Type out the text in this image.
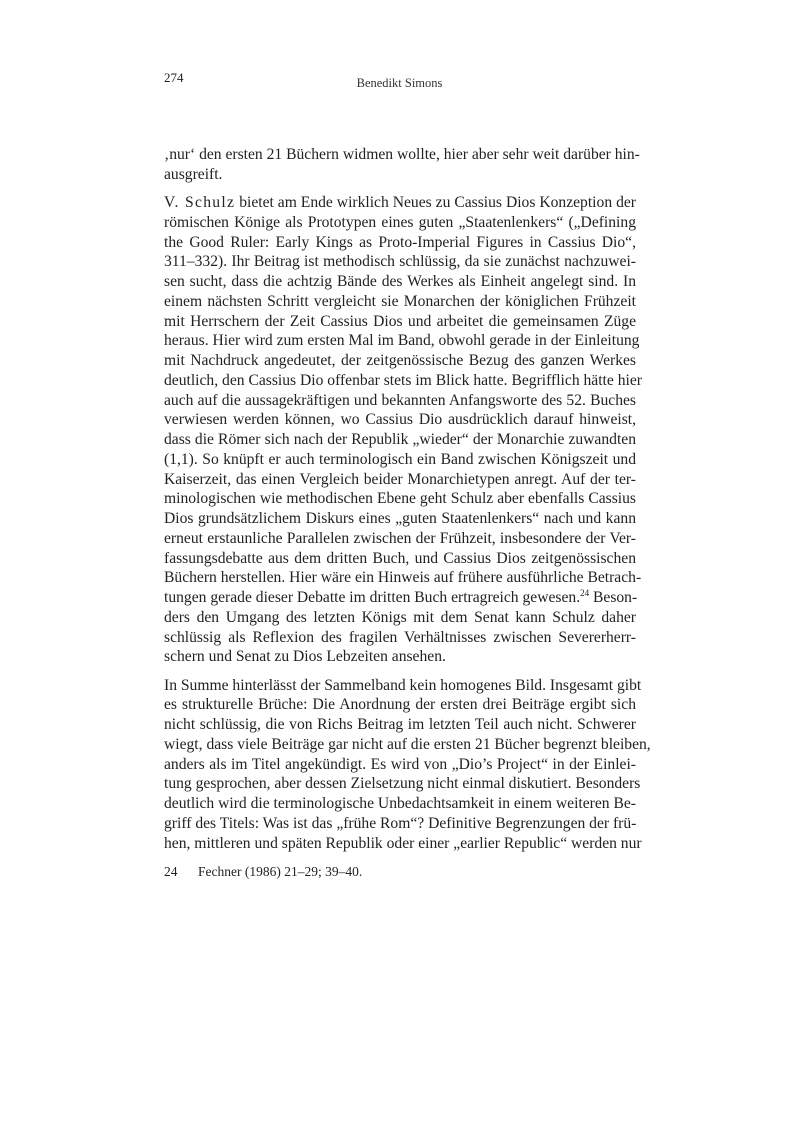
274	Benedikt Simons
‚nur‘ den ersten 21 Büchern widmen wollte, hier aber sehr weit darüber hin-
ausgreift.
V. Schulz bietet am Ende wirklich Neues zu Cassius Dios Konzeption der
römischen Könige als Prototypen eines guten „Staatenlenkers“ („Defining
the Good Ruler: Early Kings as Proto-Imperial Figures in Cassius Dio“,
311–332). Ihr Beitrag ist methodisch schlüssig, da sie zunächst nachzuwei-
sen sucht, dass die achtzig Bände des Werkes als Einheit angelegt sind. In
einem nächsten Schritt vergleicht sie Monarchen der königlichen Frühzeit
mit Herrschern der Zeit Cassius Dios und arbeitet die gemeinsamen Züge
heraus. Hier wird zum ersten Mal im Band, obwohl gerade in der Einleitung
mit Nachdruck angedeutet, der zeitgenössische Bezug des ganzen Werkes
deutlich, den Cassius Dio offenbar stets im Blick hatte. Begrifflich hätte hier
auch auf die aussagekräftigen und bekannten Anfangsworte des 52. Buches
verwiesen werden können, wo Cassius Dio ausdrücklich darauf hinweist,
dass die Römer sich nach der Republik „wieder“ der Monarchie zuwandten
(1,1). So knüpft er auch terminologisch ein Band zwischen Königszeit und
Kaiserzeit, das einen Vergleich beider Monarchietypen anregt. Auf der ter-
minologischen wie methodischen Ebene geht Schulz aber ebenfalls Cassius
Dios grundsätzlichem Diskurs eines „guten Staatenlenkers“ nach und kann
erneut erstaunliche Parallelen zwischen der Frühzeit, insbesondere der Ver-
fassungsdebatte aus dem dritten Buch, und Cassius Dios zeitgenössischen
Büchern herstellen. Hier wäre ein Hinweis auf frühere ausführliche Betrach-
tungen gerade dieser Debatte im dritten Buch ertragreich gewesen.$^{24}$ Beson-
ders den Umgang des letzten Königs mit dem Senat kann Schulz daher
schlüssig als Reflexion des fragilen Verhältnisses zwischen Severerherr-
schern und Senat zu Dios Lebzeiten ansehen.
In Summe hinterlässt der Sammelband kein homogenes Bild. Insgesamt gibt
es strukturelle Brüche: Die Anordnung der ersten drei Beiträge ergibt sich
nicht schlüssig, die von Richs Beitrag im letzten Teil auch nicht. Schwerer
wiegt, dass viele Beiträge gar nicht auf die ersten 21 Bücher begrenzt bleiben,
anders als im Titel angekündigt. Es wird von „Dio’s Project“ in der Einlei-
tung gesprochen, aber dessen Zielsetzung nicht einmal diskutiert. Besonders
deutlich wird die terminologische Unbedachtsamkeit in einem weiteren Be-
griff des Titels: Was ist das „frühe Rom“? Definitive Begrenzungen der frü-
hen, mittleren und späten Republik oder einer „earlier Republic“ werden nur
24 Fechner (1986) 21–29; 39–40.
